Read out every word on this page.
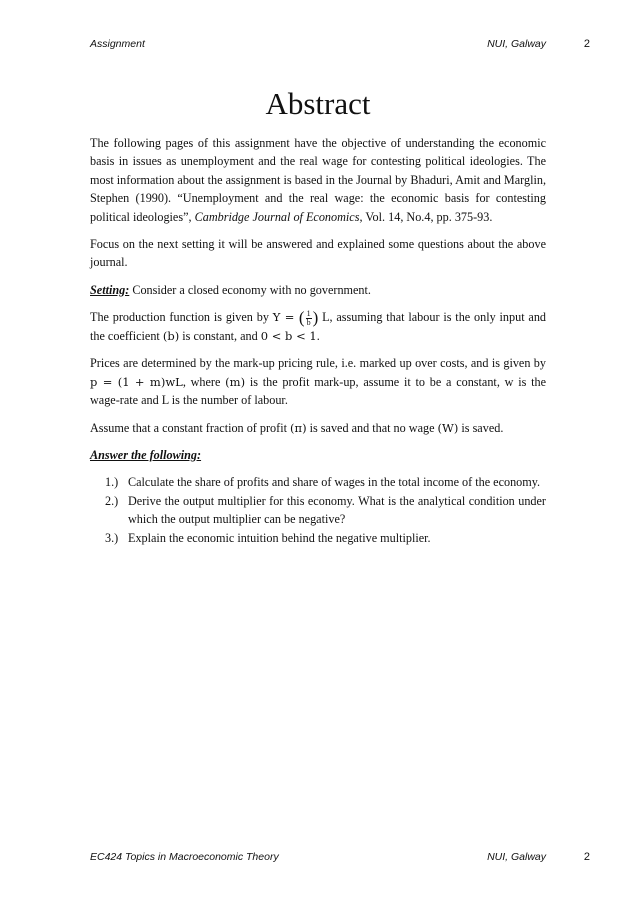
Assignment	NUI, Galway	2
Abstract

The following pages of this assignment have the objective of understanding the economic basis in issues as unemployment and the real wage for contesting political ideologies. The most information about the assignment is based in the Journal by Bhaduri, Amit and Marglin, Stephen (1990). “Unemployment and the real wage: the economic basis for contesting political ideologies”, Cambridge Journal of Economics, Vol. 14, No.4, pp. 375-93.

Focus on the next setting it will be answered and explained some questions about the above journal.

Setting: Consider a closed economy with no government.

The production function is given by Y = ( $\frac{1}{b}$ ) L, assuming that labour is the only input and the coefficient (b) is constant, and 0 < b < 1.

Prices are determined by the mark-up pricing rule, i.e. marked up over costs, and is given by p = (1 + m)wL, where (m) is the profit mark-up, assume it to be a constant, w is the wage-rate and L is the number of labour.

Assume that a constant fraction of profit (π) is saved and that no wage (W) is saved.

Answer the following:

1.) Calculate the share of profits and share of wages in the total income of the economy.
2.) Derive the output multiplier for this economy. What is the analytical condition under which the output multiplier can be negative?
3.) Explain the economic intuition behind the negative multiplier.
EC424 Topics in Macroeconomic Theory	NUI, Galway	2
